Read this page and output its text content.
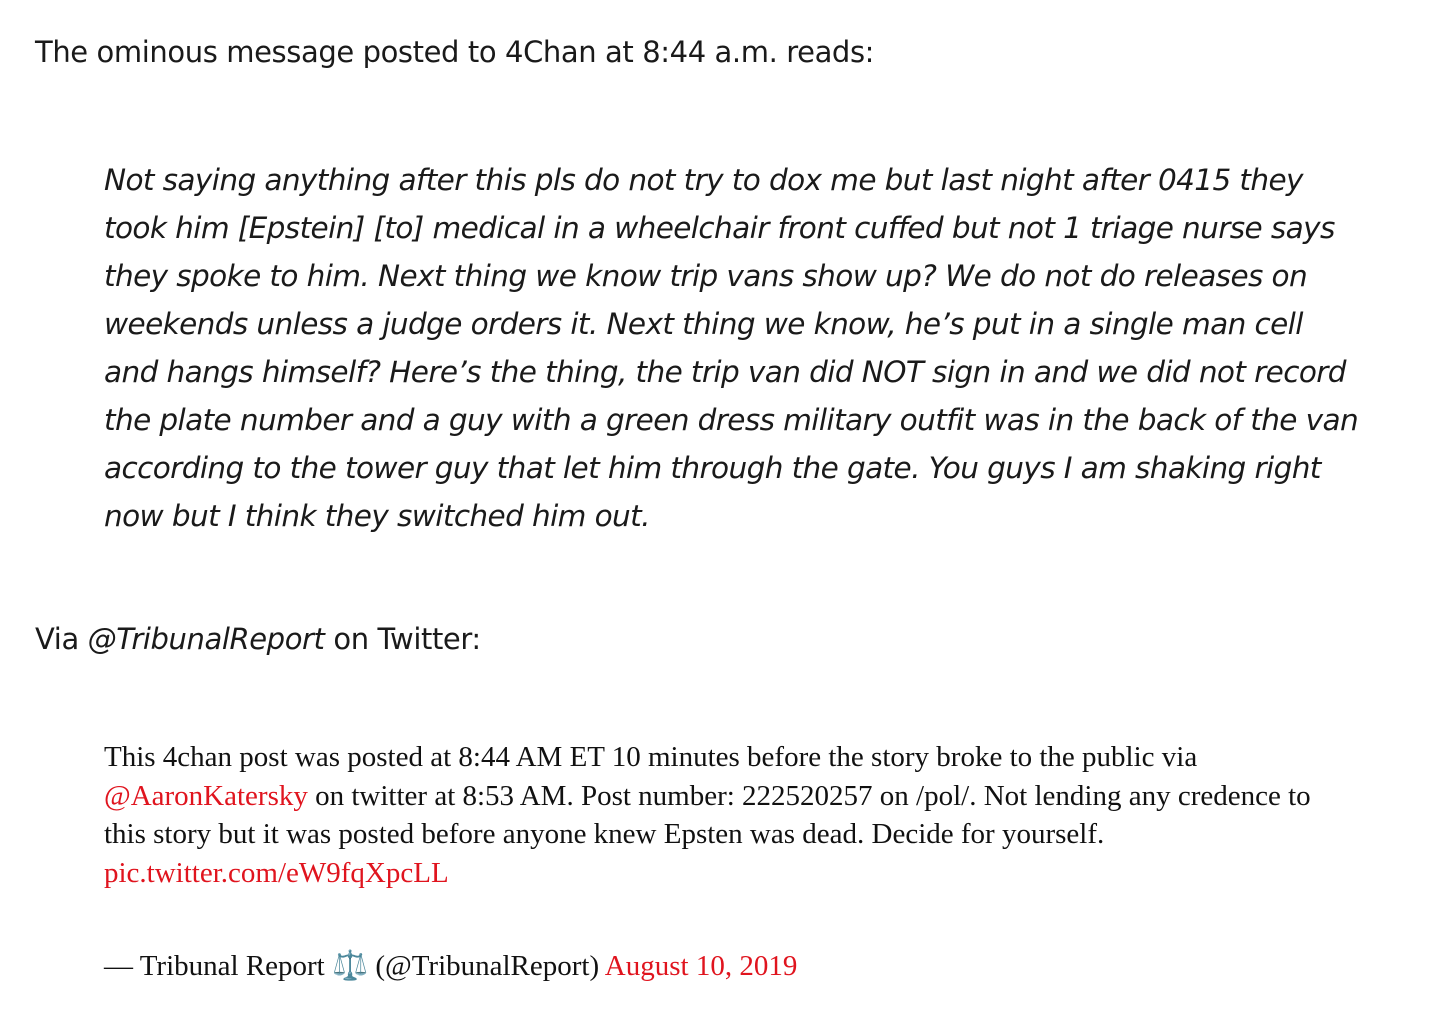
The ominous message posted to 4Chan at 8:44 a.m. reads:

Not saying anything after this pls do not try to dox me but last night after 0415 they took him [Epstein] [to] medical in a wheelchair front cuffed but not 1 triage nurse says they spoke to him. Next thing we know trip vans show up? We do not do releases on weekends unless a judge orders it. Next thing we know, he’s put in a single man cell and hangs himself? Here’s the thing, the trip van did NOT sign in and we did not record the plate number and a guy with a green dress military outfit was in the back of the van according to the tower guy that let him through the gate. You guys I am shaking right now but I think they switched him out.

Via @TribunalReport on Twitter:

This 4chan post was posted at 8:44 AM ET 10 minutes before the story broke to the public via @AaronKatersky on twitter at 8:53 AM. Post number: 222520257 on /pol/. Not lending any credence to this story but it was posted before anyone knew Epsten was dead. Decide for yourself. pic.twitter.com/eW9fqXpcLL

— Tribunal Report ⚖️ (@TribunalReport) August 10, 2019
